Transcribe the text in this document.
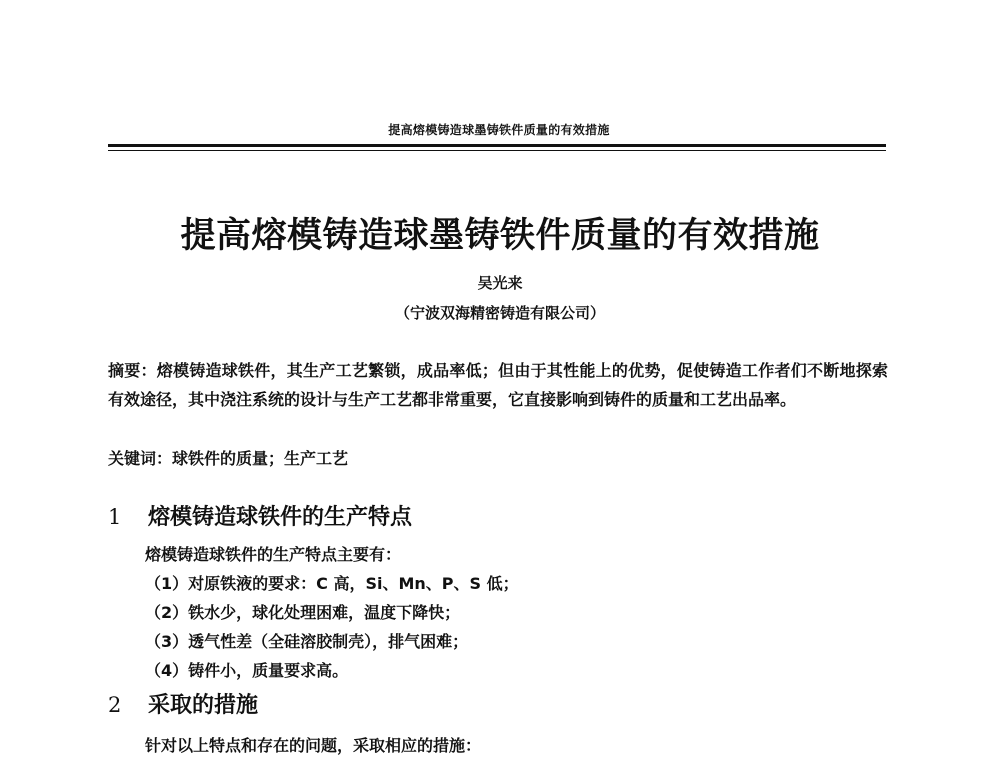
提高熔模铸造球墨铸铁件质量的有效措施
提高熔模铸造球墨铸铁件质量的有效措施
吴光来
（宁波双海精密铸造有限公司）
摘要：熔模铸造球铁件，其生产工艺繁锁，成品率低；但由于其性能上的优势，促使铸造工作者们不断地探索有效途径，其中浇注系统的设计与生产工艺都非常重要，它直接影响到铸件的质量和工艺出品率。
关键词：球铁件的质量；生产工艺
1 熔模铸造球铁件的生产特点
熔模铸造球铁件的生产特点主要有：
（1）对原铁液的要求：C 高，Si、Mn、P、S 低；
（2）铁水少，球化处理困难，温度下降快；
（3）透气性差（全硅溶胶制壳），排气困难；
（4）铸件小，质量要求高。
2 采取的措施
针对以上特点和存在的问题，采取相应的措施：
